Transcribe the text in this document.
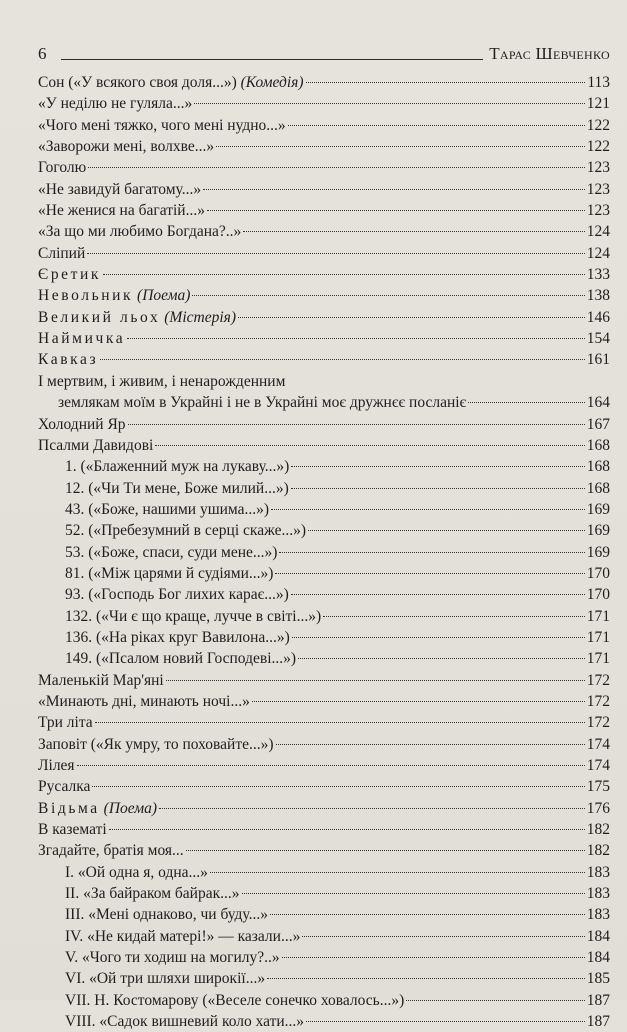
6	Тарас Шевченко
Сон («У всякого своя доля...») (Комедія)	113
«У неділю не гуляла...»	121
«Чого мені тяжко, чого мені нудно...»	122
«Заворожи мені, волхве...»	122
Гоголю	123
«Не завидуй багатому...»	123
«Не женися на багатій...»	123
«За що ми любимо Богдана?..»	124
Сліпий	124
Єретик	133
Невольник (Поема)	138
Великий льох (Містерія)	146
Наймичка	154
Кавказ	161
І мертвим, і живим, і ненарожденним
землякам моїм в Украйні і не в Украйні моє дружнєє посланіє	164
Холодний Яр	167
Псалми Давидові	168
1. («Блаженний муж на лукаву...»)	168
12. («Чи Ти мене, Боже милий...»)	168
43. («Боже, нашими ушима...»)	169
52. («Пребезумний в серці скаже...»)	169
53. («Боже, спаси, суди мене...»)	169
81. («Між царями й судіями...»)	170
93. («Господь Бог лихих карає...»)	170
132. («Чи є що краще, лучче в світі...»)	171
136. («На ріках круг Вавилона...»)	171
149. («Псалом новий Господеві...»)	171
Маленькій Мар'яні	172
«Минають дні, минають ночі...»	172
Три літа	172
Заповіт («Як умру, то поховайте...»)	174
Лілея	174
Русалка	175
Відьма (Поема)	176
В казематі	182
Згадайте, братія моя...	182
I. «Ой одна я, одна...»	183
II. «За байраком байрак...»	183
III. «Мені однаково, чи буду...»	183
IV. «Не кидай матері!» — казали...»	184
V. «Чого ти ходиш на могилу?..»	184
VI. «Ой три шляхи широкії...»	185
VII. Н. Костомарову («Веселе сонечко ховалось...»)	187
VIII. «Садок вишневий коло хати...»	187
